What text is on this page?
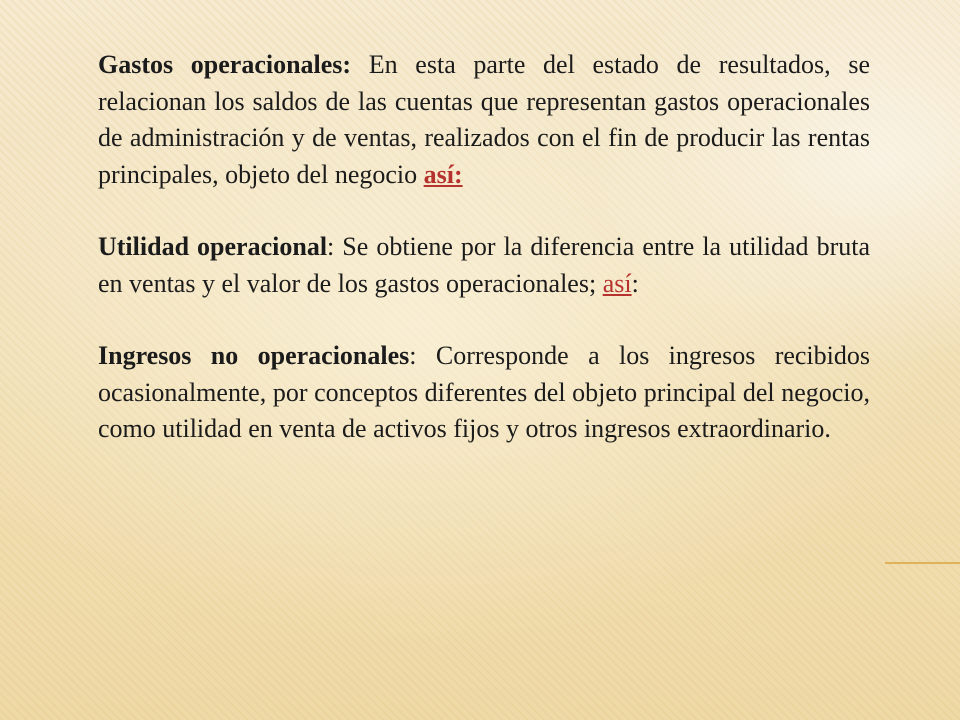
Gastos operacionales: En esta parte del estado de resultados, se relacionan los saldos de las cuentas que representan gastos operacionales de administración y de ventas, realizados con el fin de producir las rentas principales, objeto del negocio así:

Utilidad operacional: Se obtiene por la diferencia entre la utilidad bruta en ventas y el valor de los gastos operacionales; así:

Ingresos no operacionales: Corresponde a los ingresos recibidos ocasionalmente, por conceptos diferentes del objeto principal del negocio, como utilidad en venta de activos fijos y otros ingresos extraordinario.
